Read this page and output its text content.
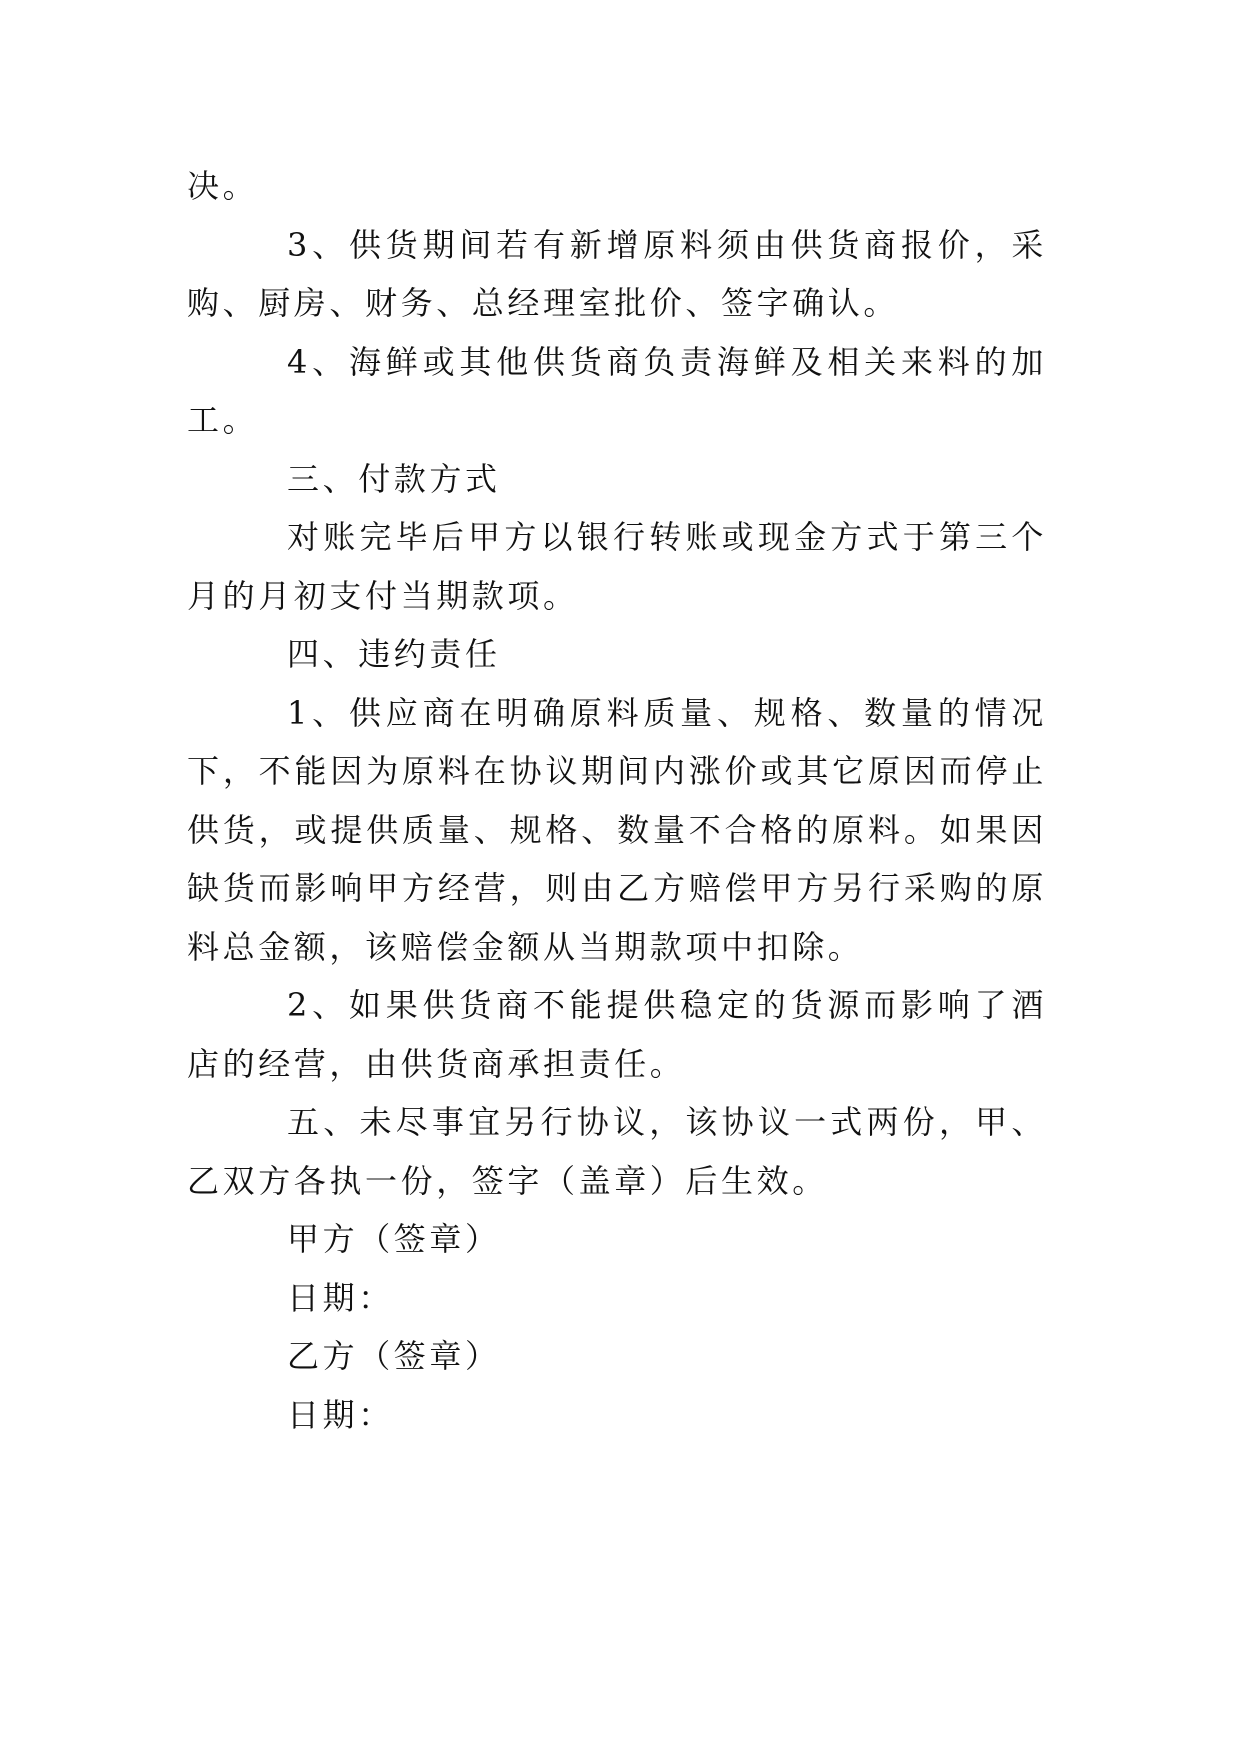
决。

3、供货期间若有新增原料须由供货商报价，采购、厨房、财务、总经理室批价、签字确认。

4、海鲜或其他供货商负责海鲜及相关来料的加工。

三、付款方式

对账完毕后甲方以银行转账或现金方式于第三个月的月初支付当期款项。

四、违约责任

1、供应商在明确原料质量、规格、数量的情况下，不能因为原料在协议期间内涨价或其它原因而停止供货，或提供质量、规格、数量不合格的原料。如果因缺货而影响甲方经营，则由乙方赔偿甲方另行采购的原料总金额，该赔偿金额从当期款项中扣除。

2、如果供货商不能提供稳定的货源而影响了酒店的经营，由供货商承担责任。

五、未尽事宜另行协议，该协议一式两份，甲、乙双方各执一份，签字（盖章）后生效。

甲方（签章）

日期：

乙方（签章）

日期：
